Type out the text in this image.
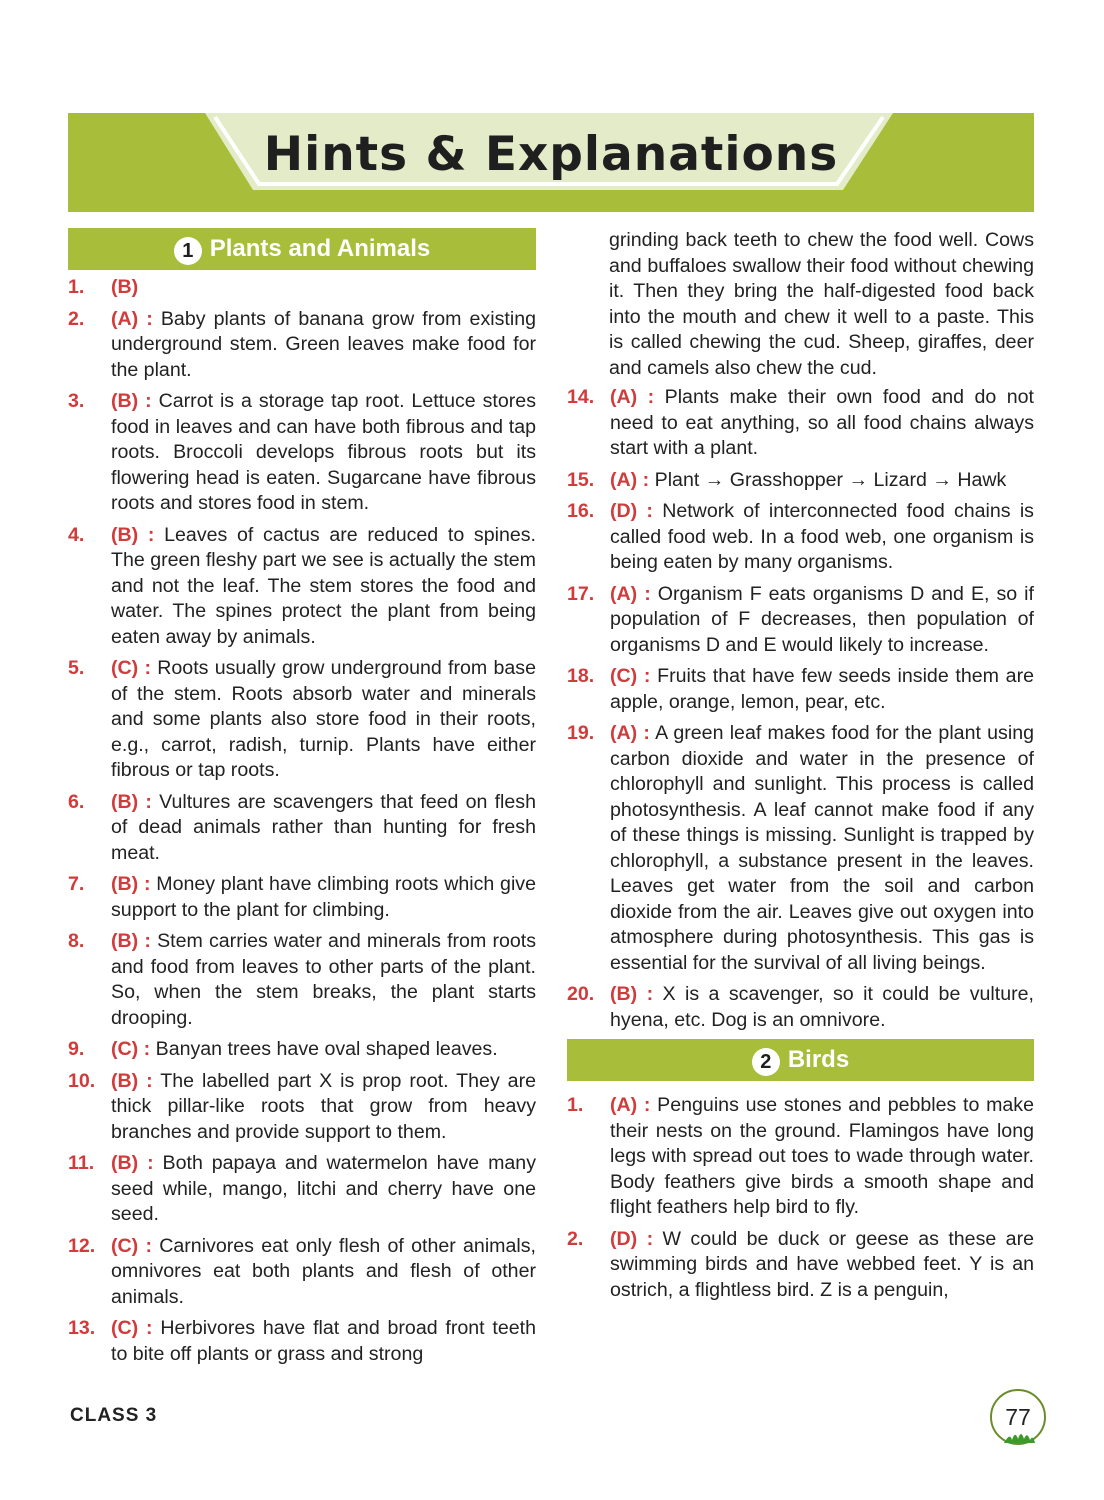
Hints & Explanations
1 Plants and Animals
1. (B)
2. (A) : Baby plants of banana grow from existing underground stem. Green leaves make food for the plant.
3. (B) : Carrot is a storage tap root. Lettuce stores food in leaves and can have both fibrous and tap roots. Broccoli develops fibrous roots but its flowering head is eaten. Sugarcane have fibrous roots and stores food in stem.
4. (B) : Leaves of cactus are reduced to spines. The green fleshy part we see is actually the stem and not the leaf. The stem stores the food and water. The spines protect the plant from being eaten away by animals.
5. (C) : Roots usually grow underground from base of the stem. Roots absorb water and minerals and some plants also store food in their roots, e.g., carrot, radish, turnip. Plants have either fibrous or tap roots.
6. (B) : Vultures are scavengers that feed on flesh of dead animals rather than hunting for fresh meat.
7. (B) : Money plant have climbing roots which give support to the plant for climbing.
8. (B) : Stem carries water and minerals from roots and food from leaves to other parts of the plant. So, when the stem breaks, the plant starts drooping.
9. (C) : Banyan trees have oval shaped leaves.
10. (B) : The labelled part X is prop root. They are thick pillar-like roots that grow from heavy branches and provide support to them.
11. (B) : Both papaya and watermelon have many seed while, mango, litchi and cherry have one seed.
12. (C) : Carnivores eat only flesh of other animals, omnivores eat both plants and flesh of other animals.
13. (C) : Herbivores have flat and broad front teeth to bite off plants or grass and strong
grinding back teeth to chew the food well. Cows and buffaloes swallow their food without chewing it. Then they bring the half-digested food back into the mouth and chew it well to a paste. This is called chewing the cud. Sheep, giraffes, deer and camels also chew the cud.
14. (A) : Plants make their own food and do not need to eat anything, so all food chains always start with a plant.
15. (A) : Plant → Grasshopper → Lizard → Hawk
16. (D) : Network of interconnected food chains is called food web. In a food web, one organism is being eaten by many organisms.
17. (A) : Organism F eats organisms D and E, so if population of F decreases, then population of organisms D and E would likely to increase.
18. (C) : Fruits that have few seeds inside them are apple, orange, lemon, pear, etc.
19. (A) : A green leaf makes food for the plant using carbon dioxide and water in the presence of chlorophyll and sunlight. This process is called photosynthesis. A leaf cannot make food if any of these things is missing. Sunlight is trapped by chlorophyll, a substance present in the leaves. Leaves get water from the soil and carbon dioxide from the air. Leaves give out oxygen into atmosphere during photosynthesis. This gas is essential for the survival of all living beings.
20. (B) : X is a scavenger, so it could be vulture, hyena, etc. Dog is an omnivore.
2 Birds
1. (A) : Penguins use stones and pebbles to make their nests on the ground. Flamingos have long legs with spread out toes to wade through water. Body feathers give birds a smooth shape and flight feathers help bird to fly.
2. (D) : W could be duck or geese as these are swimming birds and have webbed feet. Y is an ostrich, a flightless bird. Z is a penguin,
CLASS 3	77
